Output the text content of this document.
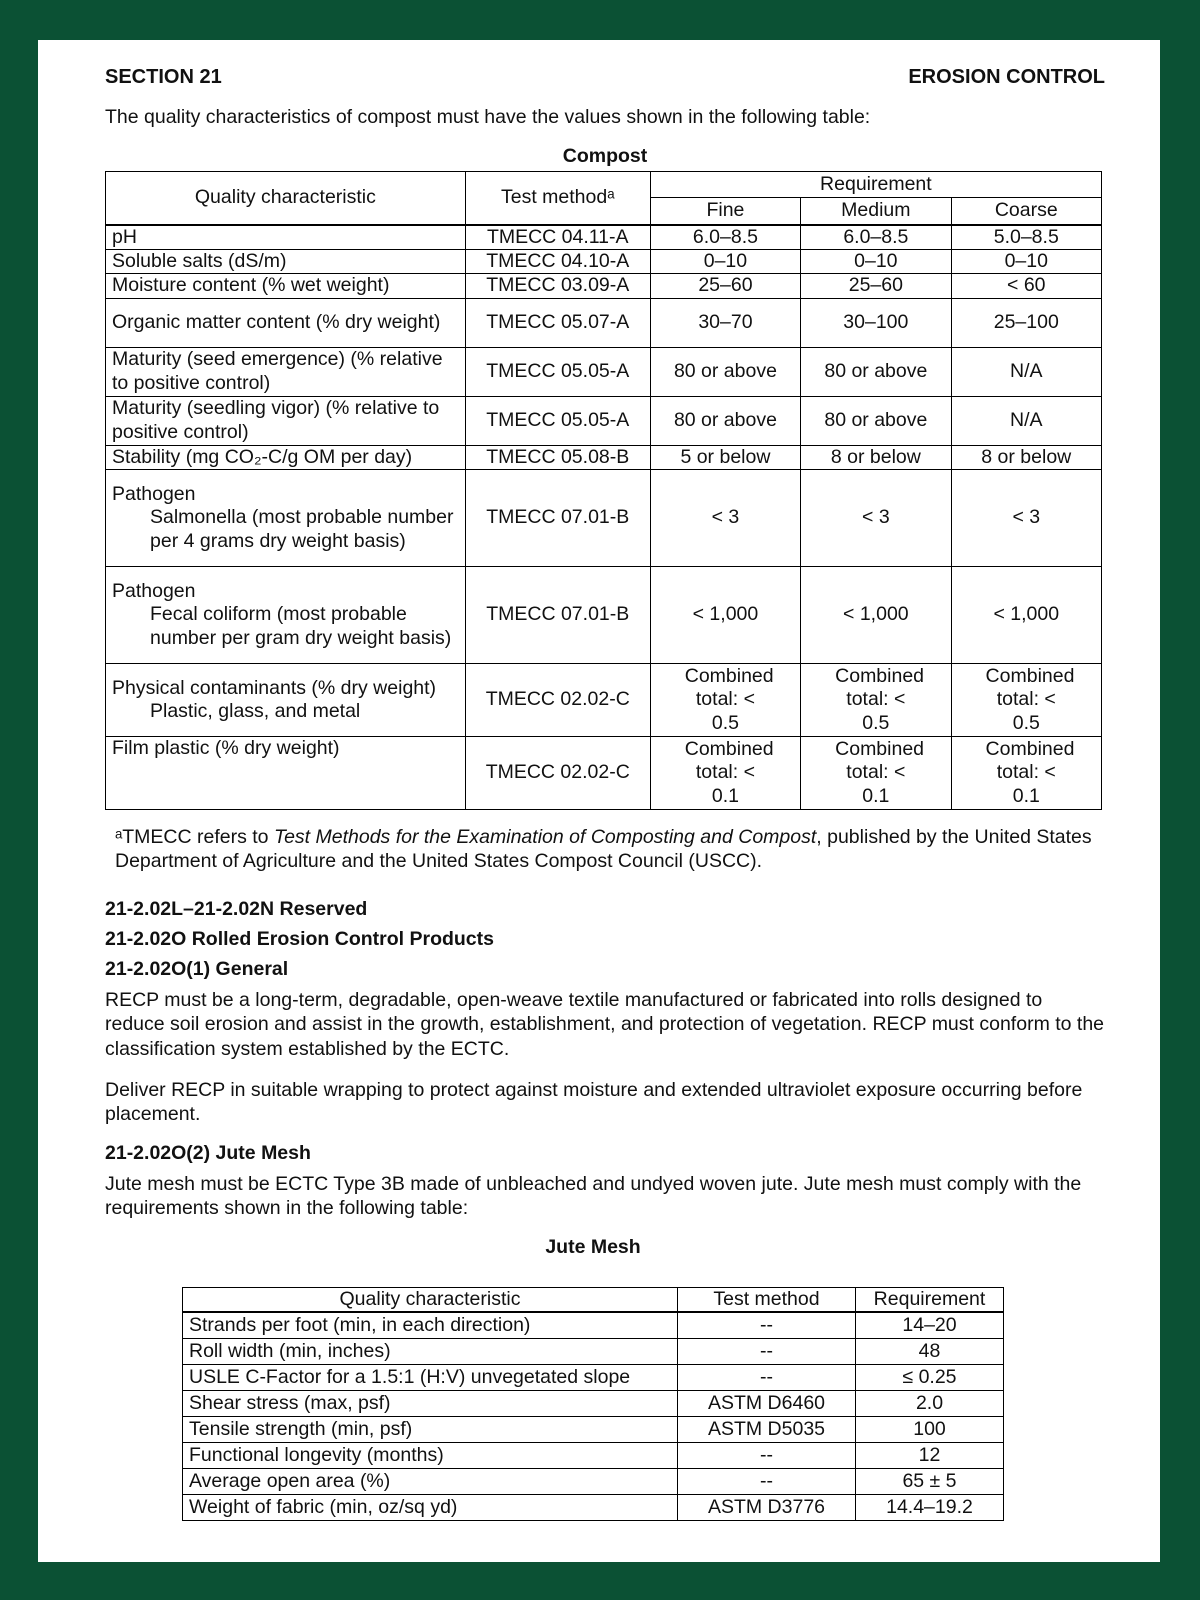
SECTION 21	EROSION CONTROL
The quality characteristics of compost must have the values shown in the following table:
Compost
Quality characteristic	Test methodᵃ	Requirement		
		Fine	Medium	Coarse
pH	TMECC 04.11-A	6.0–8.5	6.0–8.5	5.0–8.5
Soluble salts (dS/m)	TMECC 04.10-A	0–10	0–10	0–10
Moisture content (% wet weight)	TMECC 03.09-A	25–60	25–60	< 60
Organic matter content (% dry weight)	TMECC 05.07-A	30–70	30–100	25–100
Maturity (seed emergence) (% relative to positive control)	TMECC 05.05-A	80 or above	80 or above	N/A
Maturity (seedling vigor) (% relative to positive control)	TMECC 05.05-A	80 or above	80 or above	N/A
Stability (mg CO₂-C/g OM per day)	TMECC 05.08-B	5 or below	8 or below	8 or below
Pathogen
Salmonella (most probable number per 4 grams dry weight basis)	TMECC 07.01-B	< 3	< 3	< 3
Pathogen
Fecal coliform (most probable number per gram dry weight basis)	TMECC 07.01-B	< 1,000	< 1,000	< 1,000
Physical contaminants (% dry weight)
Plastic, glass, and metal	TMECC 02.02-C	Combined total: < 0.5	Combined total: < 0.5	Combined total: < 0.5
Film plastic (% dry weight)	TMECC 02.02-C	Combined total: < 0.1	Combined total: < 0.1	Combined total: < 0.1
ᵃTMECC refers to Test Methods for the Examination of Composting and Compost, published by the United States Department of Agriculture and the United States Compost Council (USCC).
21-2.02L–21-2.02N Reserved
21-2.02O Rolled Erosion Control Products
21-2.02O(1) General
RECP must be a long-term, degradable, open-weave textile manufactured or fabricated into rolls designed to reduce soil erosion and assist in the growth, establishment, and protection of vegetation. RECP must conform to the classification system established by the ECTC.
Deliver RECP in suitable wrapping to protect against moisture and extended ultraviolet exposure occurring before placement.
21-2.02O(2) Jute Mesh
Jute mesh must be ECTC Type 3B made of unbleached and undyed woven jute. Jute mesh must comply with the requirements shown in the following table:
Jute Mesh
Quality characteristic	Test method	Requirement
Strands per foot (min, in each direction)	--	14–20
Roll width (min, inches)	--	48
USLE C-Factor for a 1.5:1 (H:V) unvegetated slope	--	≤ 0.25
Shear stress (max, psf)	ASTM D6460	2.0
Tensile strength (min, psf)	ASTM D5035	100
Functional longevity (months)	--	12
Average open area (%)	--	65 ± 5
Weight of fabric (min, oz/sq yd)	ASTM D3776	14.4–19.2
